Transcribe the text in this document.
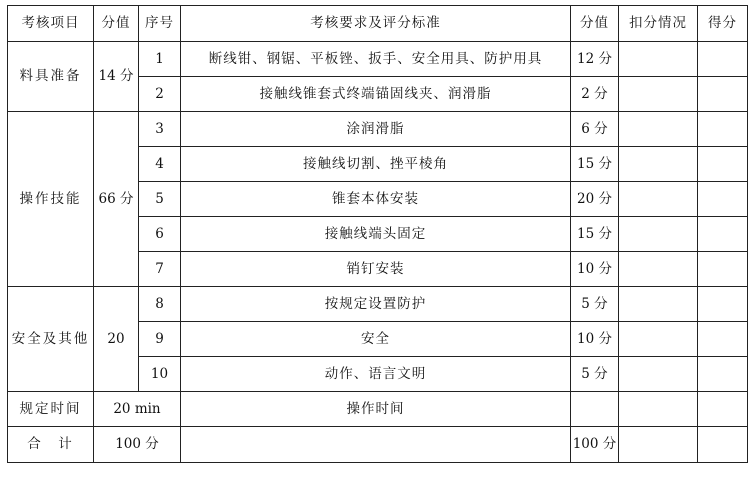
考核项目	分值	序号	考核要求及评分标准	分值	扣分情况	得分
料具准备	14 分	1	断线钳、钢锯、平板锉、扳手、安全用具、防护用具	12 分		
		2	接触线锥套式终端锚固线夹、润滑脂	2 分		
操作技能	66 分	3	涂润滑脂	6 分		
		4	接触线切割、挫平棱角	15 分		
		5	锥套本体安装	20 分		
		6	接触线端头固定	15 分		
		7	销钉安装	10 分		
安全及其他	20	8	按规定设置防护	5 分		
		9	安全	10 分		
		10	动作、语言文明	5 分		
规定时间	20 min		操作时间			
合　计	100 分			100 分		
